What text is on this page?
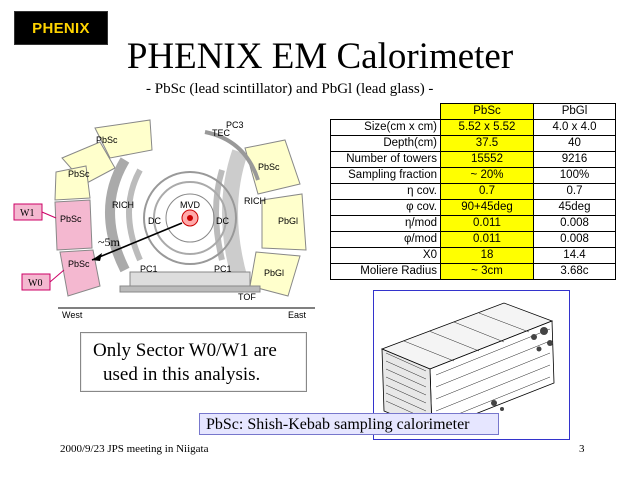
PHENIX
PHENIX EM Calorimeter
- PbSc (lead scintillator) and PbGl (lead glass) -
PbSc
PbSc
PbSc
PbSc
PbSc
PbGl
PbGl
RICH	RICH
DC	DC
MVD
TEC
PC3
PC1	PC1
TOF
West	East
~5m
W1
W0
	PbSc	PbGl
Size(cm x cm)	5.52 x 5.52	4.0 x 4.0
Depth(cm)	37.5	40
Number of towers	15552	9216
Sampling fraction	~ 20%	100%
η cov.	0.7	0.7
φ cov.	90+45deg	45deg
η/mod	0.011	0.008
φ/mod	0.011	0.008
X0	18	14.4
Moliere Radius	~ 3cm	3.68c
Only Sector W0/W1 are
used in this analysis.
PbSc: Shish-Kebab sampling calorimeter
2000/9/23 JPS meeting in Niigata	3
